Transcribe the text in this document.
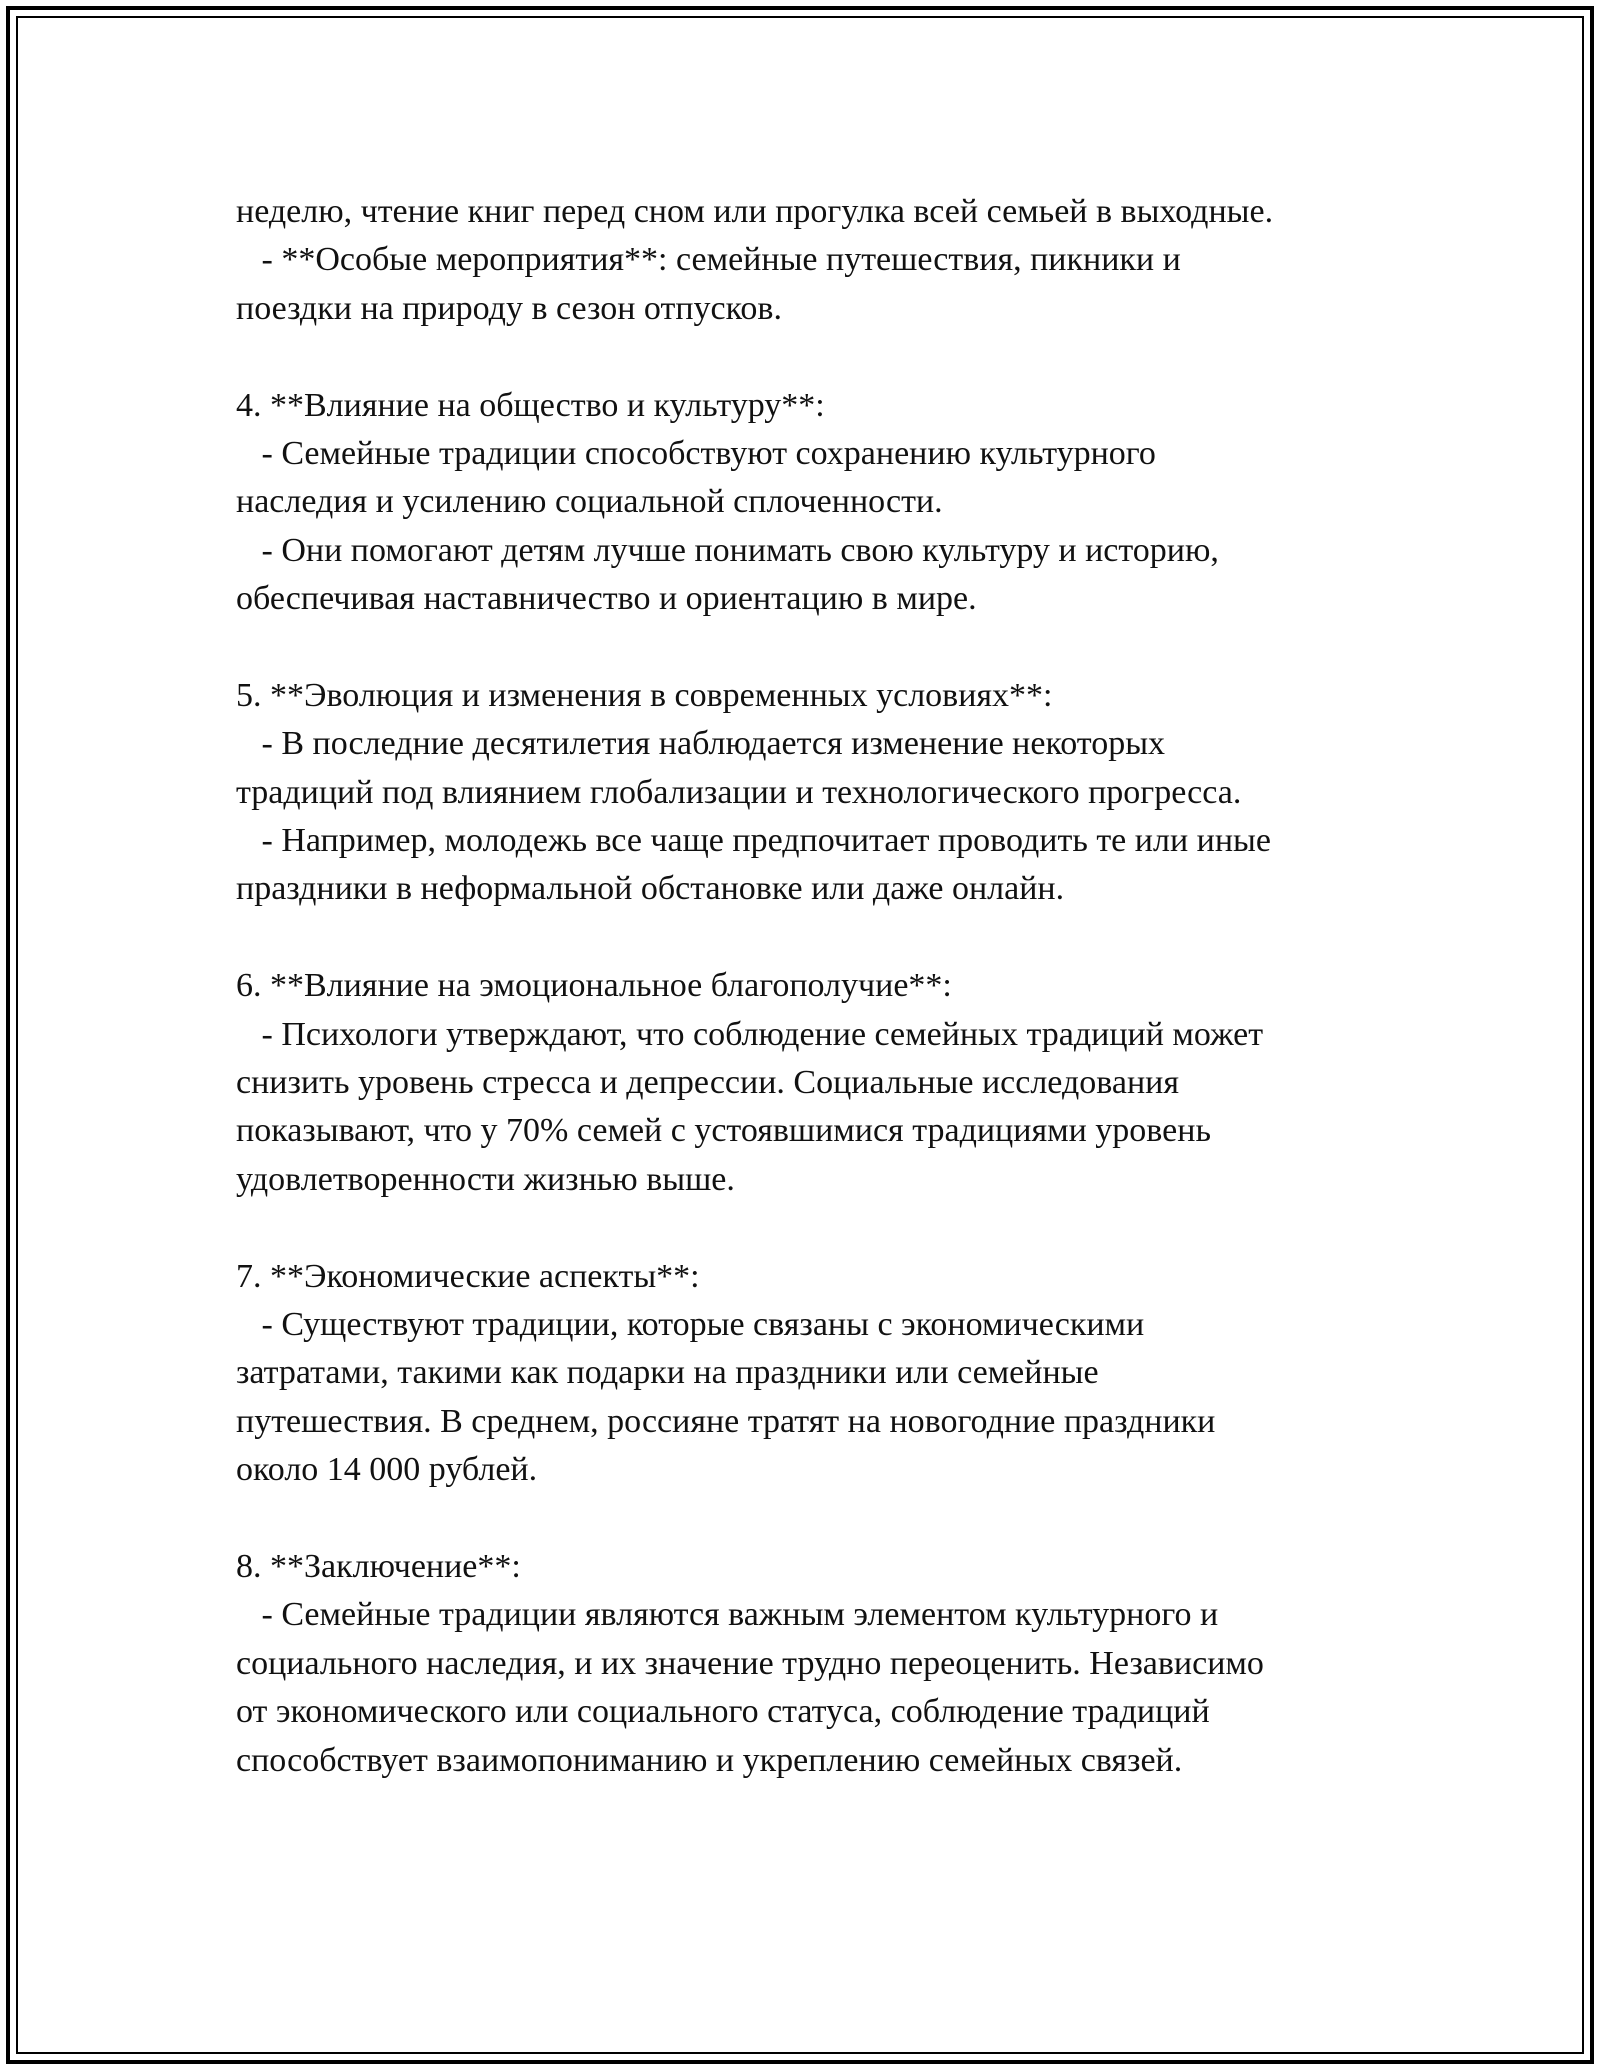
неделю, чтение книг перед сном или прогулка всей семьей в выходные.
- **Особые мероприятия**: семейные путешествия, пикники и
поездки на природу в сезон отпусков.
4. **Влияние на общество и культуру**:
- Семейные традиции способствуют сохранению культурного
наследия и усилению социальной сплоченности.
- Они помогают детям лучше понимать свою культуру и историю,
обеспечивая наставничество и ориентацию в мире.
5. **Эволюция и изменения в современных условиях**:
- В последние десятилетия наблюдается изменение некоторых
традиций под влиянием глобализации и технологического прогресса.
- Например, молодежь все чаще предпочитает проводить те или иные
праздники в неформальной обстановке или даже онлайн.
6. **Влияние на эмоциональное благополучие**:
- Психологи утверждают, что соблюдение семейных традиций может
снизить уровень стресса и депрессии. Социальные исследования
показывают, что у 70% семей с устоявшимися традициями уровень
удовлетворенности жизнью выше.
7. **Экономические аспекты**:
- Существуют традиции, которые связаны с экономическими
затратами, такими как подарки на праздники или семейные
путешествия. В среднем, россияне тратят на новогодние праздники
около 14 000 рублей.
8. **Заключение**:
- Семейные традиции являются важным элементом культурного и
социального наследия, и их значение трудно переоценить. Независимо
от экономического или социального статуса, соблюдение традиций
способствует взаимопониманию и укреплению семейных связей.
